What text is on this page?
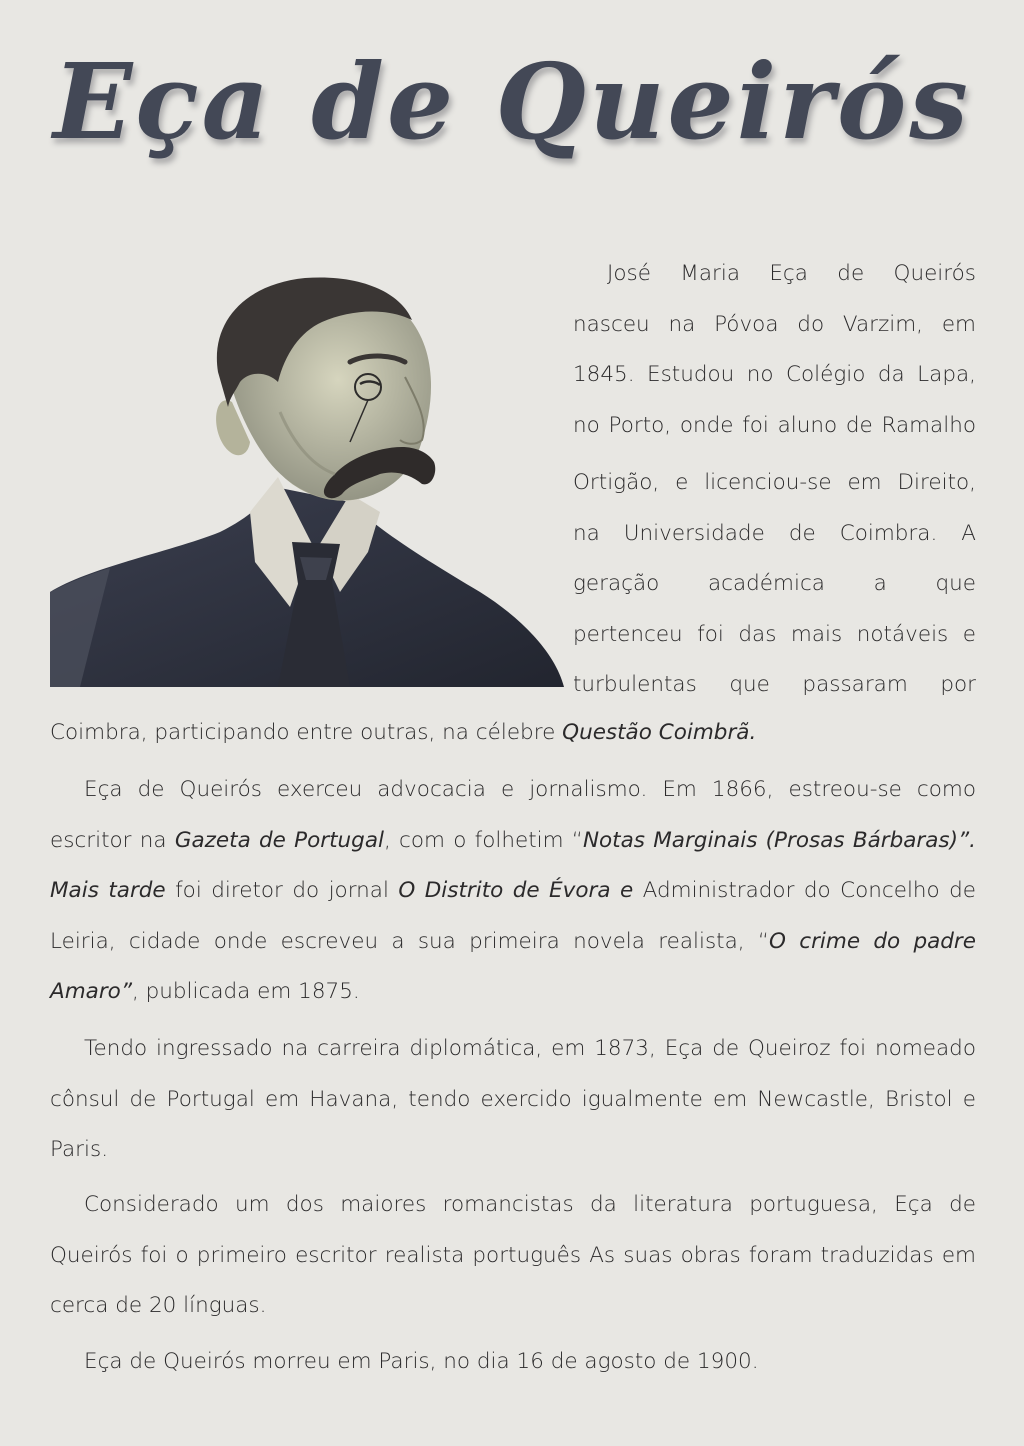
Eça de Queirós
José Maria Eça de Queirós
nasceu na Póvoa do Varzim, em
1845. Estudou no Colégio da Lapa,
no Porto, onde foi aluno de Ramalho
Ortigão, e licenciou-se em Direito,
na Universidade de Coimbra. A
geração académica a que
pertenceu foi das mais notáveis e
turbulentas que passaram por

Coimbra, participando entre outras, na célebre Questão Coimbrã.

Eça de Queirós exerceu advocacia e jornalismo. Em 1866, estreou-se como escritor na Gazeta de Portugal, com o folhetim “Notas Marginais (Prosas Bárbaras)”. Mais tarde foi diretor do jornal O Distrito de Évora e Administrador do Concelho de Leiria, cidade onde escreveu a sua primeira novela realista, “O crime do padre Amaro”, publicada em 1875.

Tendo ingressado na carreira diplomática, em 1873, Eça de Queiroz foi nomeado cônsul de Portugal em Havana, tendo exercido igualmente em Newcastle, Bristol e Paris.

Considerado um dos maiores romancistas da literatura portuguesa, Eça de Queirós foi o primeiro escritor realista português As suas obras foram traduzidas em cerca de 20 línguas.

Eça de Queirós morreu em Paris, no dia 16 de agosto de 1900.
